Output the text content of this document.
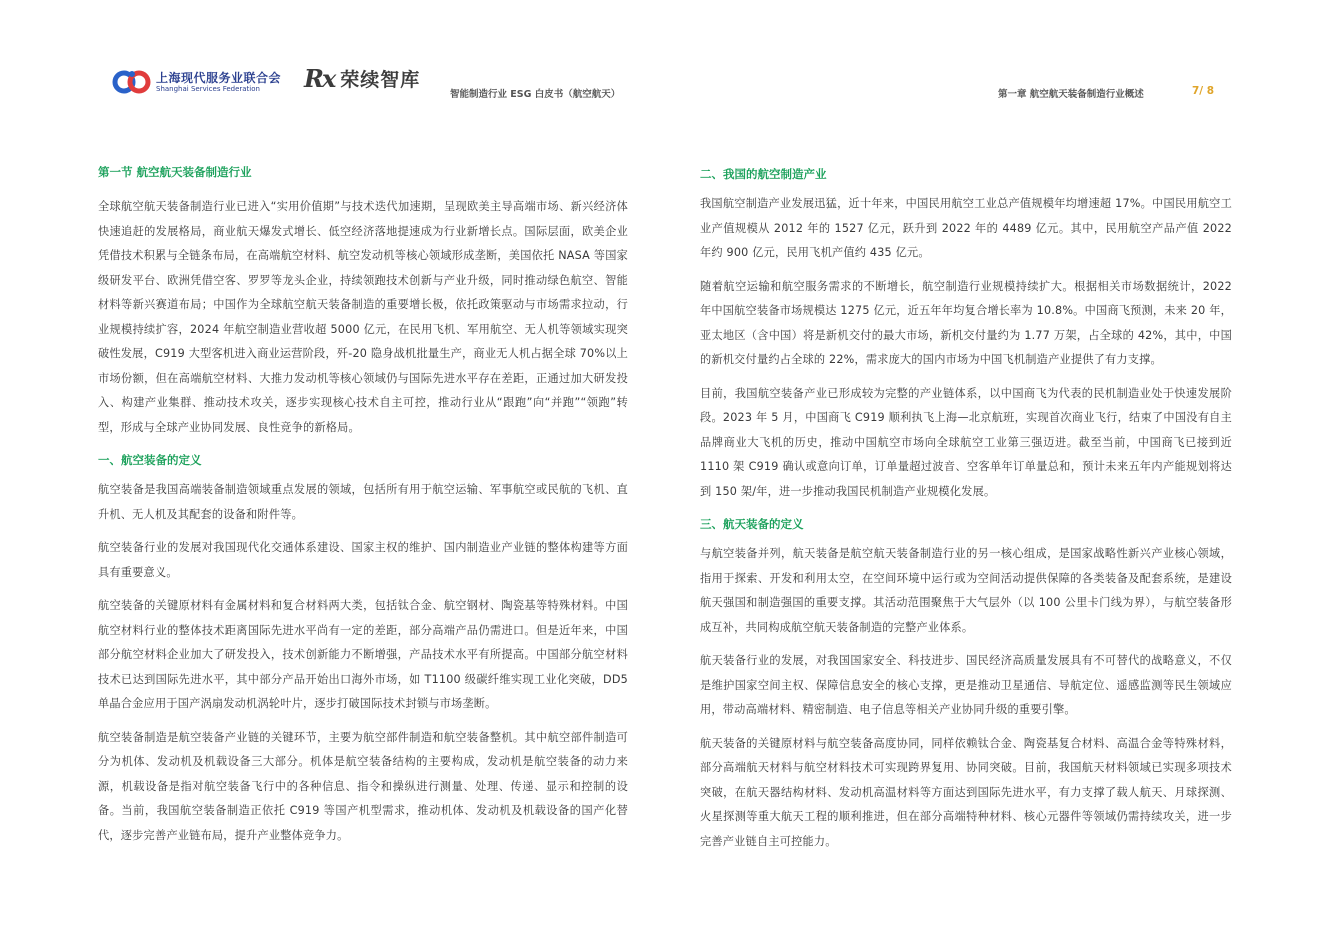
上海现代服务业联合会
Shanghai Services Federation	Rx 荣续智库
智能制造行业 ESG 白皮书（航空航天）	第一章 航空航天装备制造行业概述	7/ 8
第一节 航空航天装备制造行业

全球航空航天装备制造行业已进入“实用价值期”与技术迭代加速期，呈现欧美主导高端市场、新兴经济体快速追赶的发展格局，商业航天爆发式增长、低空经济落地提速成为行业新增长点。国际层面，欧美企业凭借技术积累与全链条布局，在高端航空材料、航空发动机等核心领域形成垄断，美国依托 NASA 等国家级研发平台、欧洲凭借空客、罗罗等龙头企业，持续领跑技术创新与产业升级，同时推动绿色航空、智能材料等新兴赛道布局；中国作为全球航空航天装备制造的重要增长极，依托政策驱动与市场需求拉动，行业规模持续扩容，2024 年航空制造业营收超 5000 亿元，在民用飞机、军用航空、无人机等领域实现突破性发展，C919 大型客机进入商业运营阶段，歼-20 隐身战机批量生产，商业无人机占据全球 70%以上市场份额，但在高端航空材料、大推力发动机等核心领域仍与国际先进水平存在差距，正通过加大研发投入、构建产业集群、推动技术攻关，逐步实现核心技术自主可控，推动行业从“跟跑”向“并跑”“领跑”转型，形成与全球产业协同发展、良性竞争的新格局。

一、航空装备的定义

航空装备是我国高端装备制造领域重点发展的领域，包括所有用于航空运输、军事航空或民航的飞机、直升机、无人机及其配套的设备和附件等。

航空装备行业的发展对我国现代化交通体系建设、国家主权的维护、国内制造业产业链的整体构建等方面具有重要意义。

航空装备的关键原材料有金属材料和复合材料两大类，包括钛合金、航空钢材、陶瓷基等特殊材料。中国航空材料行业的整体技术距离国际先进水平尚有一定的差距，部分高端产品仍需进口。但是近年来，中国部分航空材料企业加大了研发投入，技术创新能力不断增强，产品技术水平有所提高。中国部分航空材料技术已达到国际先进水平，其中部分产品开始出口海外市场，如 T1100 级碳纤维实现工业化突破，DD5 单晶合金应用于国产涡扇发动机涡轮叶片，逐步打破国际技术封锁与市场垄断。

航空装备制造是航空装备产业链的关键环节，主要为航空部件制造和航空装备整机。其中航空部件制造可分为机体、发动机及机载设备三大部分。机体是航空装备结构的主要构成，发动机是航空装备的动力来源，机载设备是指对航空装备飞行中的各种信息、指令和操纵进行测量、处理、传递、显示和控制的设备。当前，我国航空装备制造正依托 C919 等国产机型需求，推动机体、发动机及机载设备的国产化替代，逐步完善产业链布局，提升产业整体竞争力。

二、我国的航空制造产业

我国航空制造产业发展迅猛，近十年来，中国民用航空工业总产值规模年均增速超 17%。中国民用航空工业产值规模从 2012 年的 1527 亿元，跃升到 2022 年的 4489 亿元。其中，民用航空产品产值 2022 年约 900 亿元，民用飞机产值约 435 亿元。

随着航空运输和航空服务需求的不断增长，航空制造行业规模持续扩大。根据相关市场数据统计，2022 年中国航空装备市场规模达 1275 亿元，近五年年均复合增长率为 10.8%。中国商飞预测，未来 20 年，亚太地区（含中国）将是新机交付的最大市场，新机交付量约为 1.77 万架，占全球的 42%，其中，中国的新机交付量约占全球的 22%，需求庞大的国内市场为中国飞机制造产业提供了有力支撑。

目前，我国航空装备产业已形成较为完整的产业链体系，以中国商飞为代表的民机制造业处于快速发展阶段。2023 年 5 月，中国商飞 C919 顺利执飞上海—北京航班，实现首次商业飞行，结束了中国没有自主品牌商业大飞机的历史，推动中国航空市场向全球航空工业第三强迈进。截至当前，中国商飞已接到近 1110 架 C919 确认或意向订单，订单量超过波音、空客单年订单量总和，预计未来五年内产能规划将达到 150 架/年，进一步推动我国民机制造产业规模化发展。

三、航天装备的定义

与航空装备并列，航天装备是航空航天装备制造行业的另一核心组成，是国家战略性新兴产业核心领域，指用于探索、开发和利用太空，在空间环境中运行或为空间活动提供保障的各类装备及配套系统，是建设航天强国和制造强国的重要支撑。其活动范围聚焦于大气层外（以 100 公里卡门线为界），与航空装备形成互补，共同构成航空航天装备制造的完整产业体系。

航天装备行业的发展，对我国国家安全、科技进步、国民经济高质量发展具有不可替代的战略意义，不仅是维护国家空间主权、保障信息安全的核心支撑，更是推动卫星通信、导航定位、遥感监测等民生领域应用，带动高端材料、精密制造、电子信息等相关产业协同升级的重要引擎。

航天装备的关键原材料与航空装备高度协同，同样依赖钛合金、陶瓷基复合材料、高温合金等特殊材料，部分高端航天材料与航空材料技术可实现跨界复用、协同突破。目前，我国航天材料领域已实现多项技术突破，在航天器结构材料、发动机高温材料等方面达到国际先进水平，有力支撑了载人航天、月球探测、火星探测等重大航天工程的顺利推进，但在部分高端特种材料、核心元器件等领域仍需持续攻关，进一步完善产业链自主可控能力。
